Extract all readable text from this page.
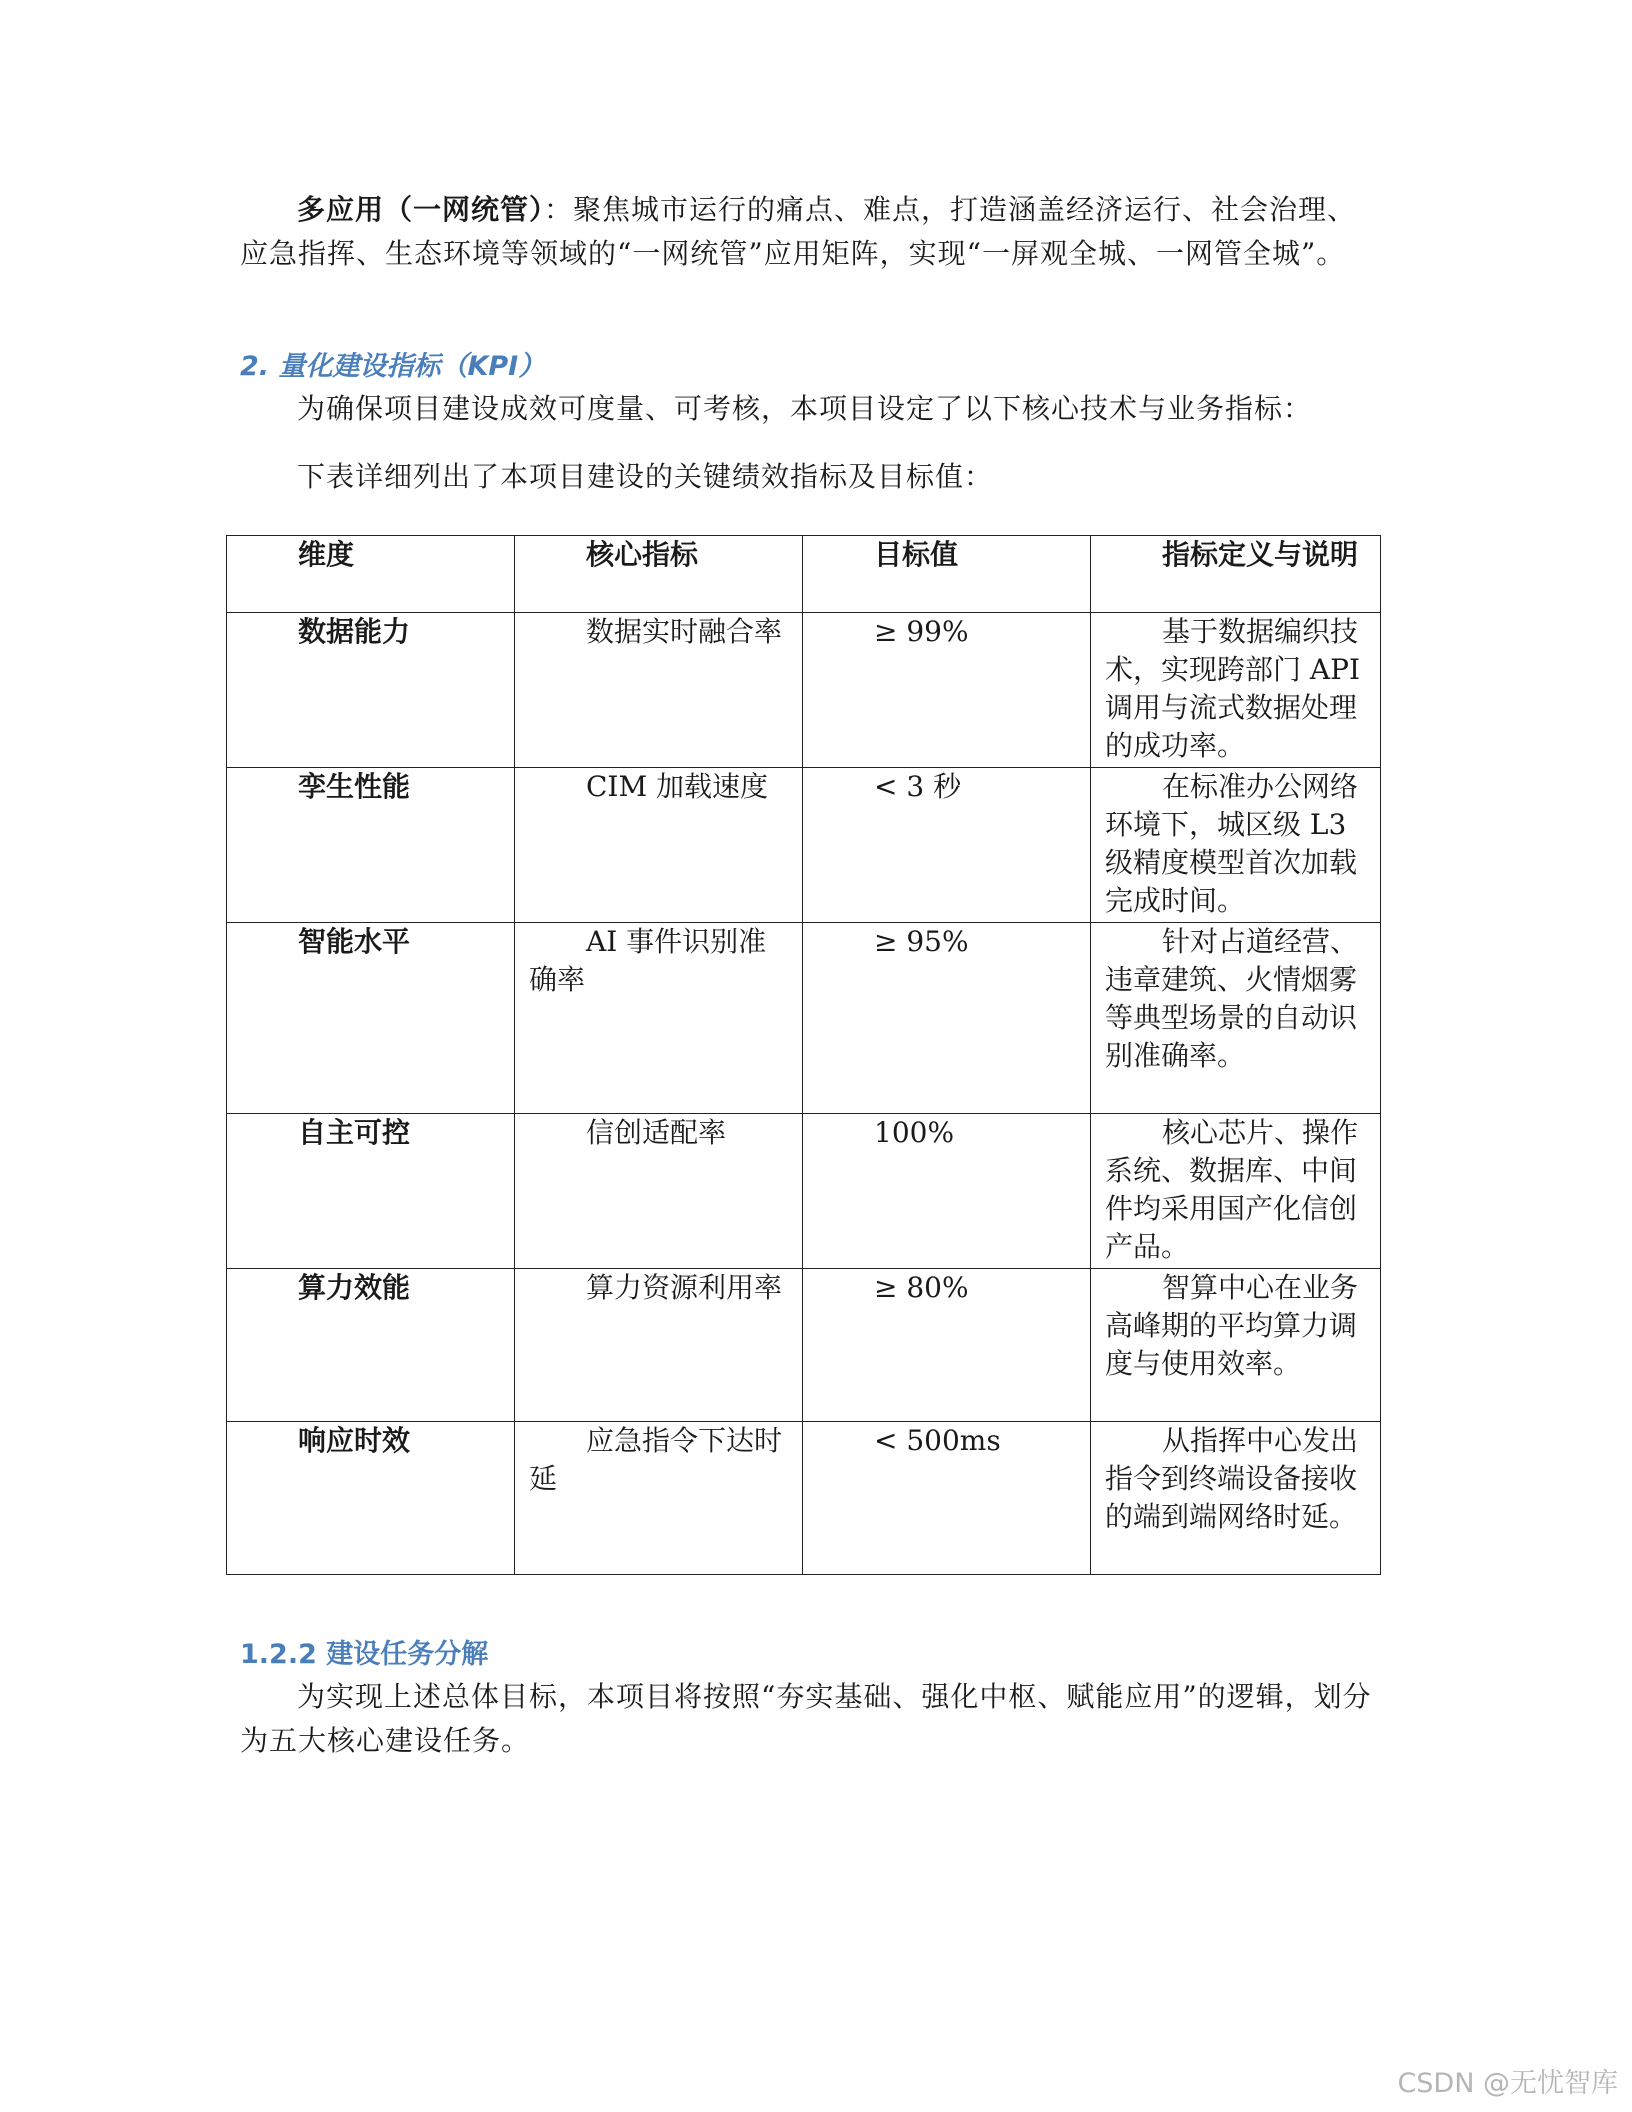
多应用（一网统管）：聚焦城市运行的痛点、难点，打造涵盖经济运行、社会治理、应急指挥、生态环境等领域的“一网统管”应用矩阵，实现“一屏观全城、一网管全城”。

2. 量化建设指标（KPI）

为确保项目建设成效可度量、可考核，本项目设定了以下核心技术与业务指标：

下表详细列出了本项目建设的关键绩效指标及目标值：

维度	核心指标	目标值	指标定义与说明

数据能力	数据实时融合率	≥ 99%	基于数据编织技术，实现跨部门 API 调用与流式数据处理的成功率。

孪生性能	CIM 加载速度	< 3 秒	在标准办公网络环境下，城区级 L3 级精度模型首次加载完成时间。

智能水平	AI 事件识别准确率	≥ 95%	针对占道经营、违章建筑、火情烟雾等典型场景的自动识别准确率。

自主可控	信创适配率	100%	核心芯片、操作系统、数据库、中间件均采用国产化信创产品。

算力效能	算力资源利用率	≥ 80%	智算中心在业务高峰期的平均算力调度与使用效率。

响应时效	应急指令下达时延	< 500ms	从指挥中心发出指令到终端设备接收的端到端网络时延。
1.2.2 建设任务分解

为实现上述总体目标，本项目将按照“夯实基础、强化中枢、赋能应用”的逻辑，划分为五大核心建设任务。

CSDN @无忧智库
